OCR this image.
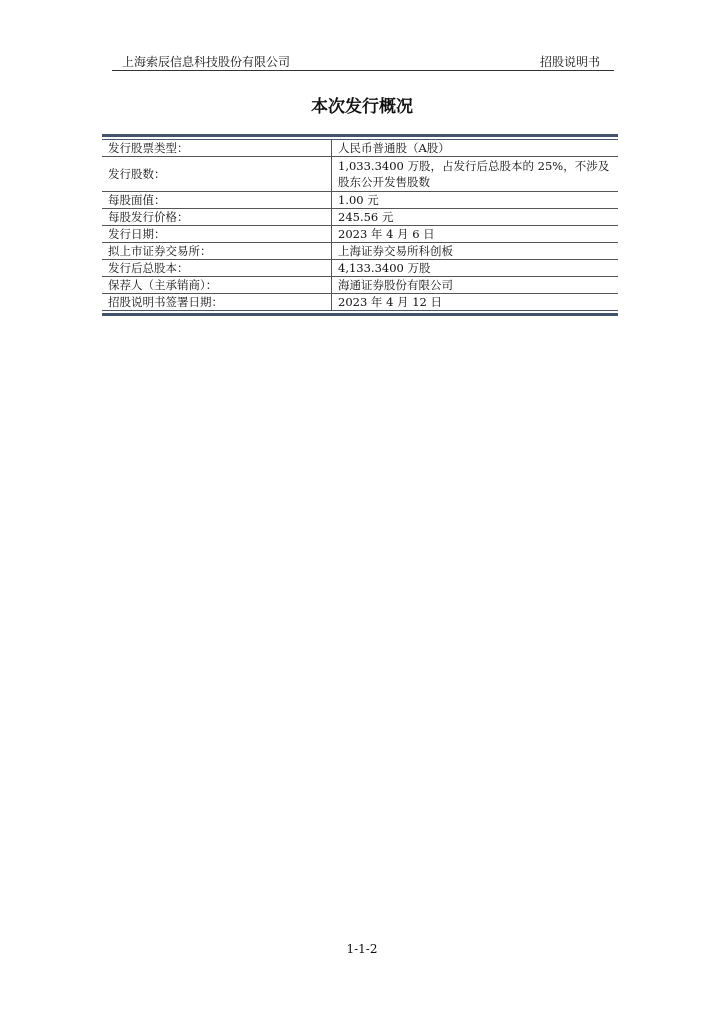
上海索辰信息科技股份有限公司	招股说明书
本次发行概况
发行股票类型：	人民币普通股（A股）
发行股数：	1,033.3400 万股，占发行后总股本的 25%，不涉及股东公开发售股数
每股面值：	1.00 元
每股发行价格：	245.56 元
发行日期：	2023 年 4 月 6 日
拟上市证券交易所：	上海证券交易所科创板
发行后总股本：	4,133.3400 万股
保荐人（主承销商）：	海通证券股份有限公司
招股说明书签署日期：	2023 年 4 月 12 日
1-1-2
